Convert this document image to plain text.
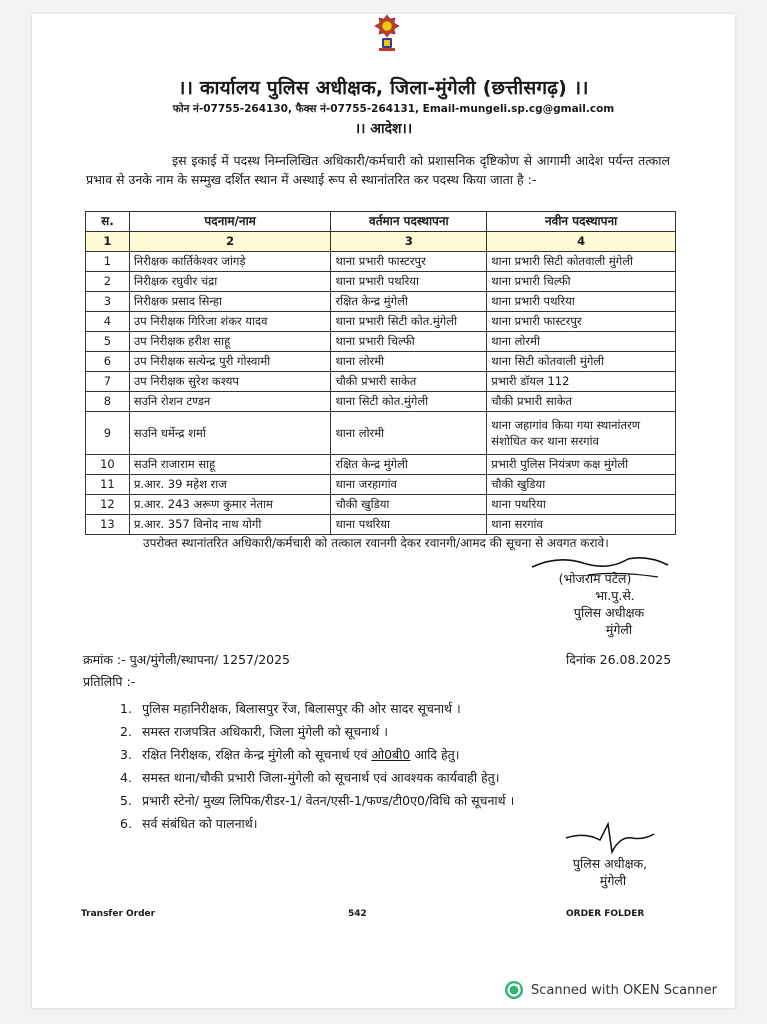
।। कार्यालय पुलिस अधीक्षक, जिला-मुंगेली (छत्तीसगढ़) ।।
फोन नं-07755-264130, फैक्स नं-07755-264131, Email-mungeli.sp.cg@gmail.com
।। आदेश।।
इस इकाई में पदस्थ निम्नलिखित अधिकारी/कर्मचारी को प्रशासनिक दृष्टिकोण से आगामी आदेश पर्यन्त तत्काल प्रभाव से उनके नाम के सम्मुख दर्शित स्थान में अस्थाई रूप से स्थानांतरित कर पदस्थ किया जाता है :-
स.	पदनाम/नाम	वर्तमान पदस्थापना	नवीन पदस्थापना
1	2	3	4
1	निरीक्षक कार्तिकेश्वर जांगड़े	थाना प्रभारी फास्टरपुर	थाना प्रभारी सिटी कोतवाली मुंगेली
2	निरीक्षक रघुवीर चंद्रा	थाना प्रभारी पथरिया	थाना प्रभारी चिल्फी
3	निरीक्षक प्रसाद सिन्हा	रक्षित केन्द्र मुंगेली	थाना प्रभारी पथरिया
4	उप निरीक्षक गिरिजा शंकर यादव	थाना प्रभारी सिटी कोत.मुंगेली	थाना प्रभारी फास्टरपुर
5	उप निरीक्षक हरीश साहू	थाना प्रभारी चिल्फी	थाना लोरमी
6	उप निरीक्षक सत्येन्द्र पुरी गोस्वामी	थाना लोरमी	थाना सिटी कोतवाली मुंगेली
7	उप निरीक्षक सुरेश कश्यप	चौकी प्रभारी साकेत	प्रभारी डॉयल 112
8	सउनि रोशन टण्डन	थाना सिटी कोत.मुंगेली	चौकी प्रभारी साकेत
9	सउनि धर्मेन्द्र शर्मा	थाना लोरमी	थाना जहागांव किया गया स्थानांतरण संशोधित कर थाना सरगांव
10	सउनि राजाराम साहू	रक्षित केन्द्र मुंगेली	प्रभारी पुलिस नियंत्रण कक्ष मुंगेली
11	प्र.आर. 39 महेश राज	थाना जरहागांव	चौकी खुडिया
12	प्र.आर. 243 अरूण कुमार नेताम	चौकी खुडिया	थाना पथरिया
13	प्र.आर. 357 विनोद नाथ योगी	थाना पथरिया	थाना सरगांव
उपरोक्त स्थानांतरित अधिकारी/कर्मचारी को तत्काल रवानगी देकर रवानगी/आमद की सूचना से अवगत करावे।
(भोजराम पटेल)
भा.पु.से.
पुलिस अधीक्षक
मुंगेली
क्रमांक :- पुअ/मुंगेली/स्थापना/ 1257/2025	दिनांक 26.08.2025
प्रतिलिपि :-
1. पुलिस महानिरीक्षक, बिलासपुर रेंज, बिलासपुर की ओर सादर सूचनार्थ ।
2. समस्त राजपत्रित अधिकारी, जिला मुंगेली को सूचनार्थ ।
3. रक्षित निरीक्षक, रक्षित केन्द्र मुंगेली को सूचनार्थ एवं ओ0बी0 आदि हेतु।
4. समस्त थाना/चौकी प्रभारी जिला-मुंगेली को सूचनार्थ एवं आवश्यक कार्यवाही हेतु।
5. प्रभारी स्टेनो/ मुख्य लिपिक/रीडर-1/ वेतन/एसी-1/फण्ड/टी0ए0/विधि को सूचनार्थ ।
6. सर्व संबंधित को पालनार्थ।
पुलिस अधीक्षक,
मुंगेली
Transfer Order	542	ORDER FOLDER
Scanned with OKEN Scanner
